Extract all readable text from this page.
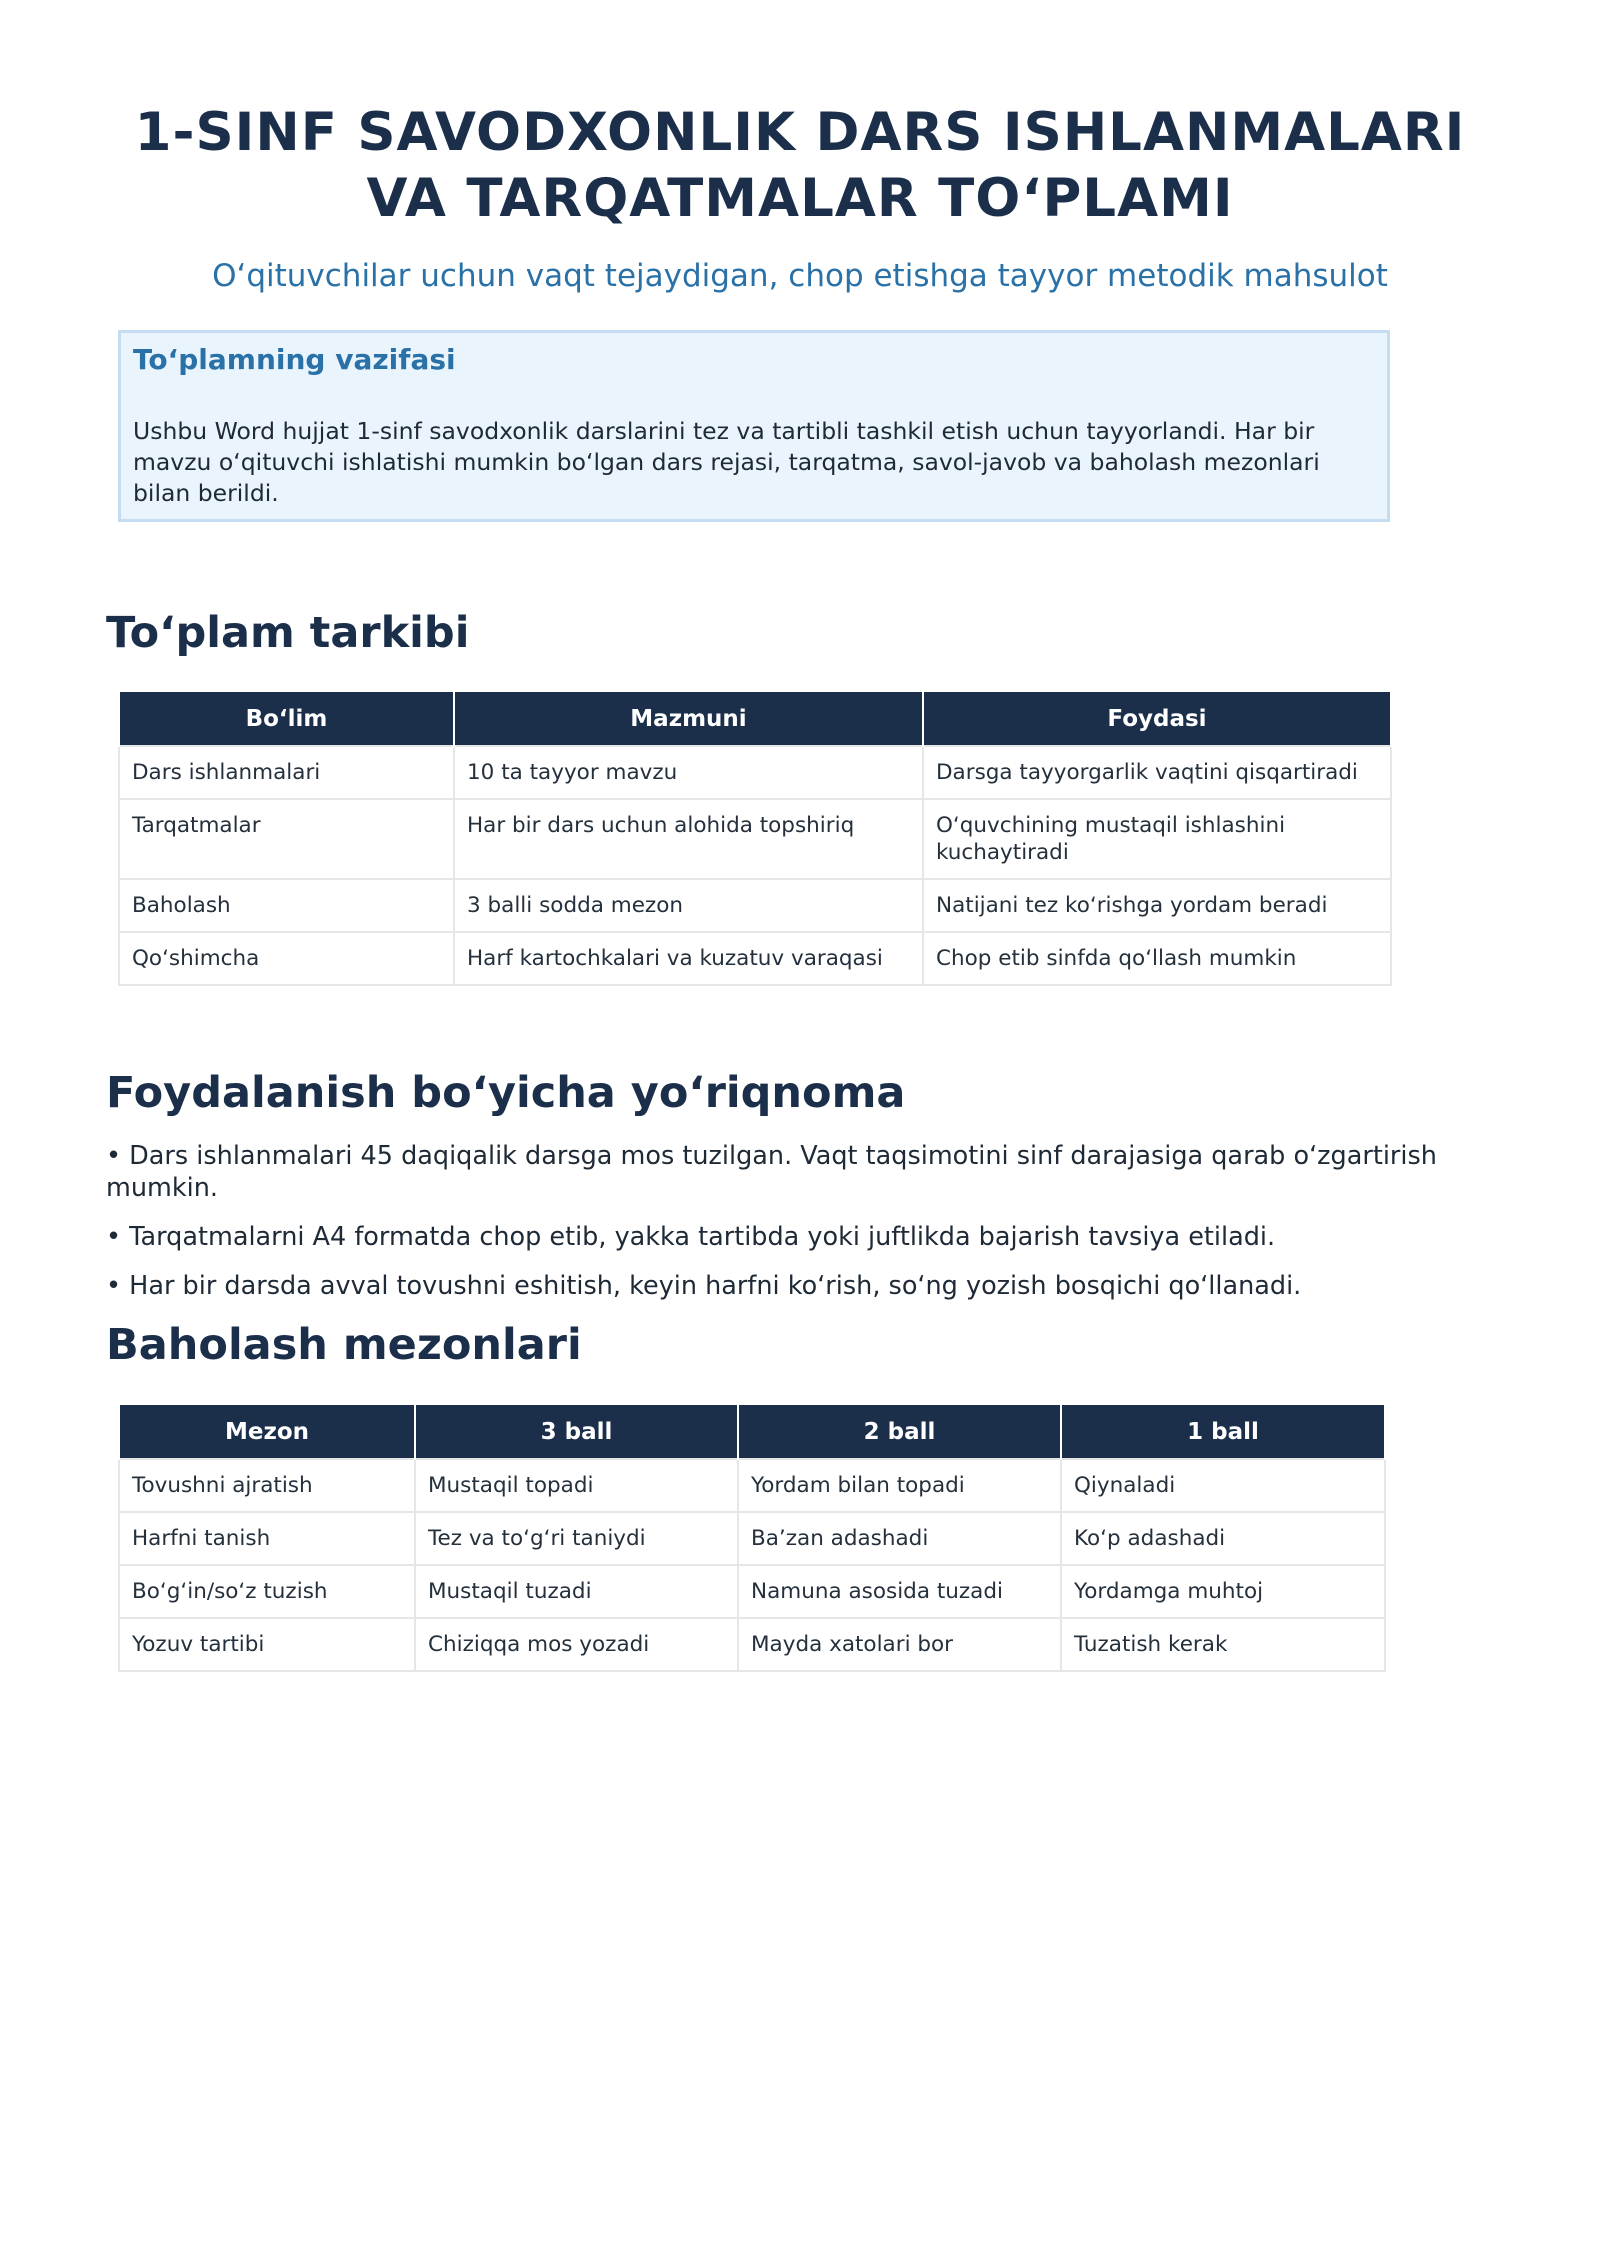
1-SINF SAVODXONLIK DARS ISHLANMALARI
VA TARQATMALAR TO‘PLAMI

O‘qituvchilar uchun vaqt tejaydigan, chop etishga tayyor metodik mahsulot

To‘plamning vazifasi

Ushbu Word hujjat 1-sinf savodxonlik darslarini tez va tartibli tashkil etish uchun tayyorlandi. Har bir mavzu o‘qituvchi ishlatishi mumkin bo‘lgan dars rejasi, tarqatma, savol-javob va baholash mezonlari bilan berildi.

To‘plam tarkibi
Bo‘lim	Mazmuni	Foydasi
Dars ishlanmalari	10 ta tayyor mavzu	Darsga tayyorgarlik vaqtini qisqartiradi
Tarqatmalar	Har bir dars uchun alohida topshiriq	O‘quvchining mustaqil ishlashini kuchaytiradi
Baholash	3 balli sodda mezon	Natijani tez ko‘rishga yordam beradi
Qo‘shimcha	Harf kartochkalari va kuzatuv varaqasi	Chop etib sinfda qo‘llash mumkin
Foydalanish bo‘yicha yo‘riqnoma
• Dars ishlanmalari 45 daqiqalik darsga mos tuzilgan. Vaqt taqsimotini sinf darajasiga qarab o‘zgartirish mumkin.
• Tarqatmalarni A4 formatda chop etib, yakka tartibda yoki juftlikda bajarish tavsiya etiladi.
• Har bir darsda avval tovushni eshitish, keyin harfni ko‘rish, so‘ng yozish bosqichi qo‘llanadi.
Baholash mezonlari
Mezon	3 ball	2 ball	1 ball
Tovushni ajratish	Mustaqil topadi	Yordam bilan topadi	Qiynaladi
Harfni tanish	Tez va to‘g‘ri taniydi	Ba’zan adashadi	Ko‘p adashadi
Bo‘g‘in/so‘z tuzish	Mustaqil tuzadi	Namuna asosida tuzadi	Yordamga muhtoj
Yozuv tartibi	Chiziqqa mos yozadi	Mayda xatolari bor	Tuzatish kerak
